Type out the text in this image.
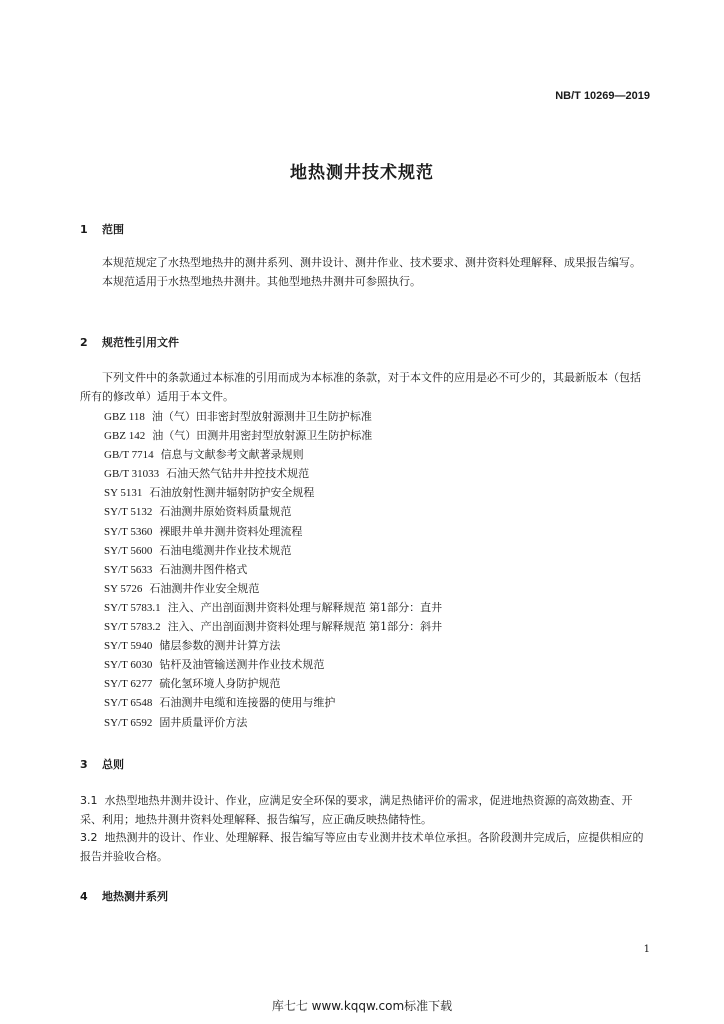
NB/T 10269—2019
地热测井技术规范
1 范围

本规范规定了水热型地热井的测井系列、测井设计、测井作业、技术要求、测井资料处理解释、成果报告编写。

本规范适用于水热型地热井测井。其他型地热井测井可参照执行。

2 规范性引用文件

下列文件中的条款通过本标准的引用而成为本标准的条款，对于本文件的应用是必不可少的，其最新版本（包括所有的修改单）适用于本文件。

GBZ 118 油（气）田非密封型放射源测井卫生防护标准
GBZ 142 油（气）田测井用密封型放射源卫生防护标准
GB/T 7714 信息与文献参考文献著录规则
GB/T 31033 石油天然气钻井井控技术规范
SY 5131 石油放射性测井辐射防护安全规程
SY/T 5132 石油测井原始资料质量规范
SY/T 5360 裸眼井单井测井资料处理流程
SY/T 5600 石油电缆测井作业技术规范
SY/T 5633 石油测井图件格式
SY 5726 石油测井作业安全规范
SY/T 5783.1 注入、产出剖面测井资料处理与解释规范 第1部分：直井
SY/T 5783.2 注入、产出剖面测井资料处理与解释规范 第1部分：斜井
SY/T 5940 储层参数的测井计算方法
SY/T 6030 钻杆及油管输送测井作业技术规范
SY/T 6277 硫化氢环境人身防护规范
SY/T 6548 石油测井电缆和连接器的使用与维护
SY/T 6592 固井质量评价方法
3 总则
3.1 水热型地热井测井设计、作业，应满足安全环保的要求，满足热储评价的需求，促进地热资源的高效勘查、开采、利用；地热井测井资料处理解释、报告编写，应正确反映热储特性。
3.2 地热测井的设计、作业、处理解释、报告编写等应由专业测井技术单位承担。各阶段测井完成后，应提供相应的报告并验收合格。
4 地热测井系列
1
库七七 www.kqqw.com标准下载
